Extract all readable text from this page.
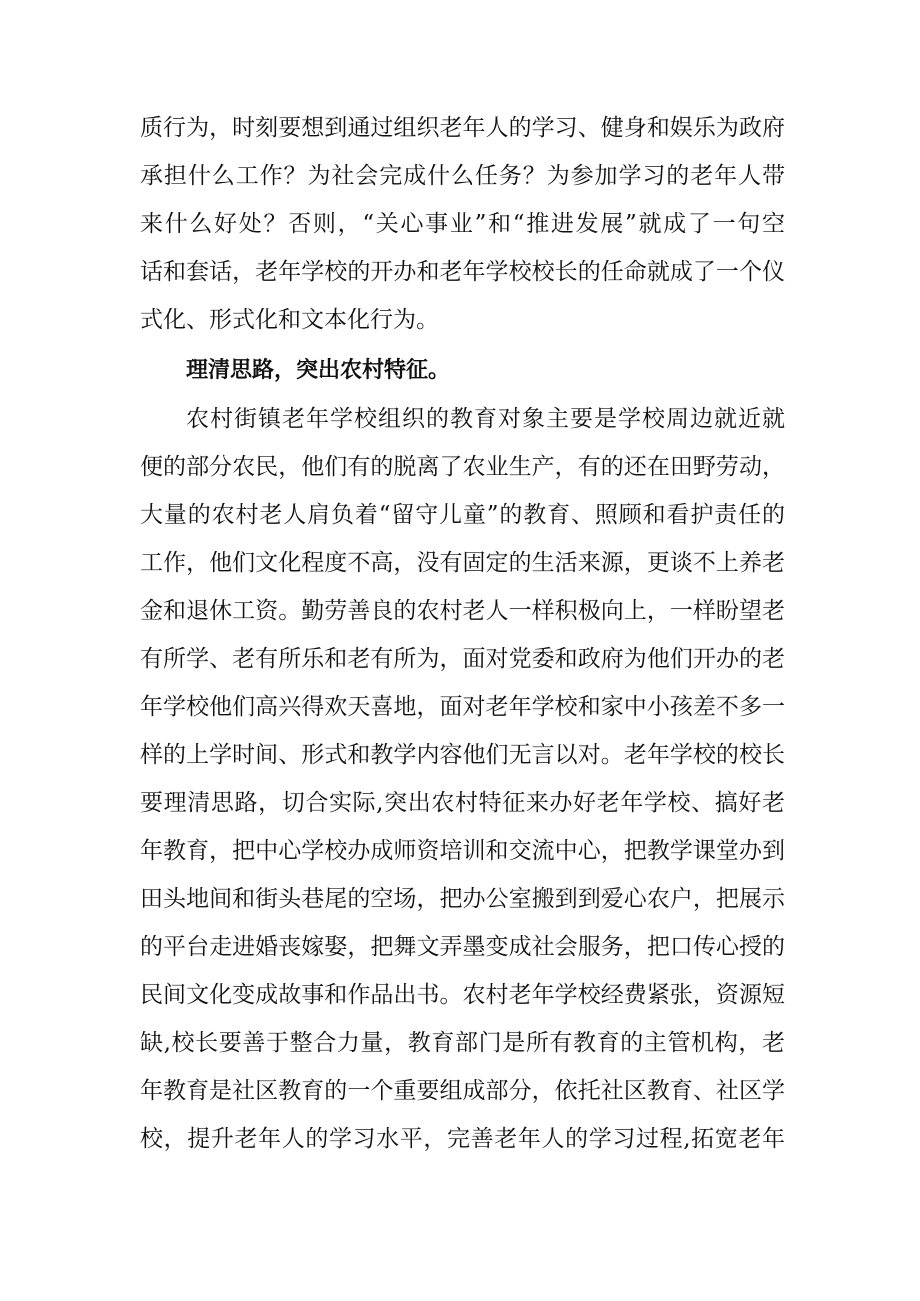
质行为，时刻要想到通过组织老年人的学习、健身和娱乐为政府
承担什么工作？为社会完成什么任务？为参加学习的老年人带
来什么好处？否则，“关心事业”和“推进发展”就成了一句空
话和套话，老年学校的开办和老年学校校长的任命就成了一个仪
式化、形式化和文本化行为。
理清思路，突出农村特征。
农村街镇老年学校组织的教育对象主要是学校周边就近就
便的部分农民，他们有的脱离了农业生产，有的还在田野劳动，
大量的农村老人肩负着“留守儿童”的教育、照顾和看护责任的
工作，他们文化程度不高，没有固定的生活来源，更谈不上养老
金和退休工资。勤劳善良的农村老人一样积极向上，一样盼望老
有所学、老有所乐和老有所为，面对党委和政府为他们开办的老
年学校他们高兴得欢天喜地，面对老年学校和家中小孩差不多一
样的上学时间、形式和教学内容他们无言以对。老年学校的校长
要理清思路，切合实际,突出农村特征来办好老年学校、搞好老
年教育，把中心学校办成师资培训和交流中心，把教学课堂办到
田头地间和街头巷尾的空场，把办公室搬到到爱心农户，把展示
的平台走进婚丧嫁娶，把舞文弄墨变成社会服务，把口传心授的
民间文化变成故事和作品出书。农村老年学校经费紧张，资源短
缺,校长要善于整合力量，教育部门是所有教育的主管机构，老
年教育是社区教育的一个重要组成部分，依托社区教育、社区学
校，提升老年人的学习水平，完善老年人的学习过程,拓宽老年
